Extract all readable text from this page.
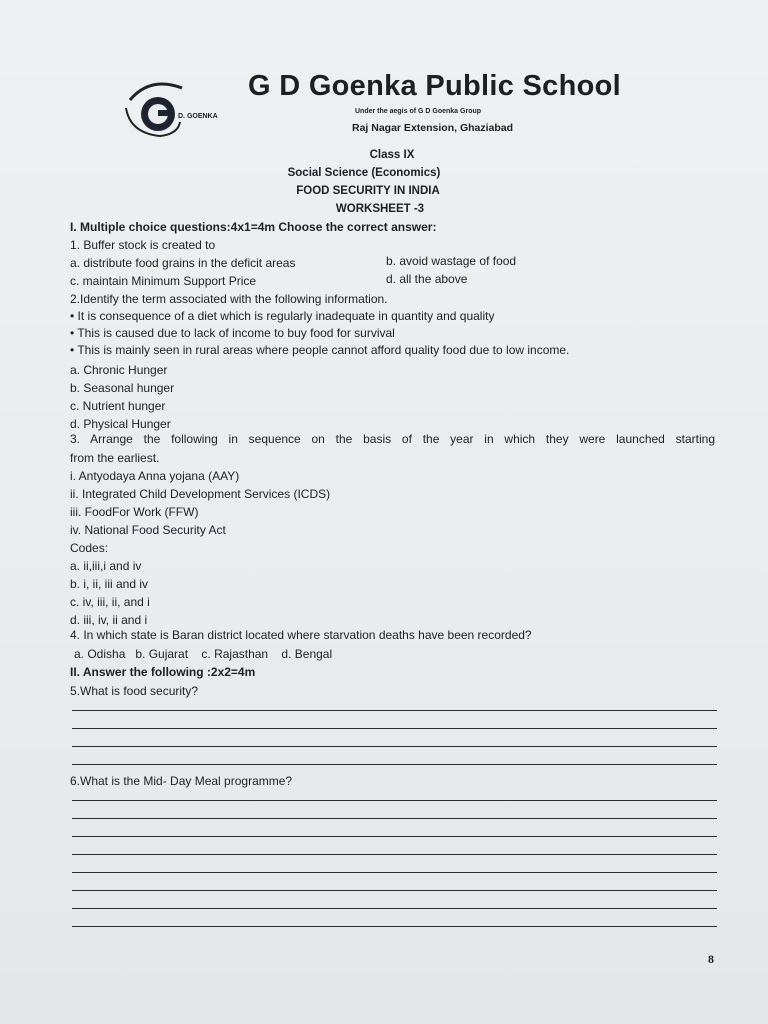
D. GOENKA
G D Goenka Public School
Under the aegis of G D Goenka Group
Raj Nagar Extension, Ghaziabad
Class IX
Social Science (Economics)
FOOD SECURITY IN INDIA
WORKSHEET -3
I. Multiple choice questions:4x1=4m Choose the correct answer:
1. Buffer stock is created to
a. distribute food grains in the deficit areas	b. avoid wastage of food
c. maintain Minimum Support Price	d. all the above
2.Identify the term associated with the following information.
• It is consequence of a diet which is regularly inadequate in quantity and quality
• This is caused due to lack of income to buy food for survival
• This is mainly seen in rural areas where people cannot afford quality food due to low income.
a. Chronic Hunger
b. Seasonal hunger
c. Nutrient hunger
d. Physical Hunger
3. Arrange the following in sequence on the basis of the year in which they were launched starting
from the earliest.
i. Antyodaya Anna yojana (AAY)
ii. Integrated Child Development Services (ICDS)
iii. FoodFor Work (FFW)
iv. National Food Security Act
Codes:
a. ii,iii,i and iv
b. i, ii, iii and iv
c. iv, iii, ii, and i
d. iii, iv, ii and i
4. In which state is Baran district located where starvation deaths have been recorded?
a. Odisha   b. Gujarat    c. Rajasthan    d. Bengal
II. Answer the following :2x2=4m
5.What is food security?
6.What is the Mid- Day Meal programme?
8
